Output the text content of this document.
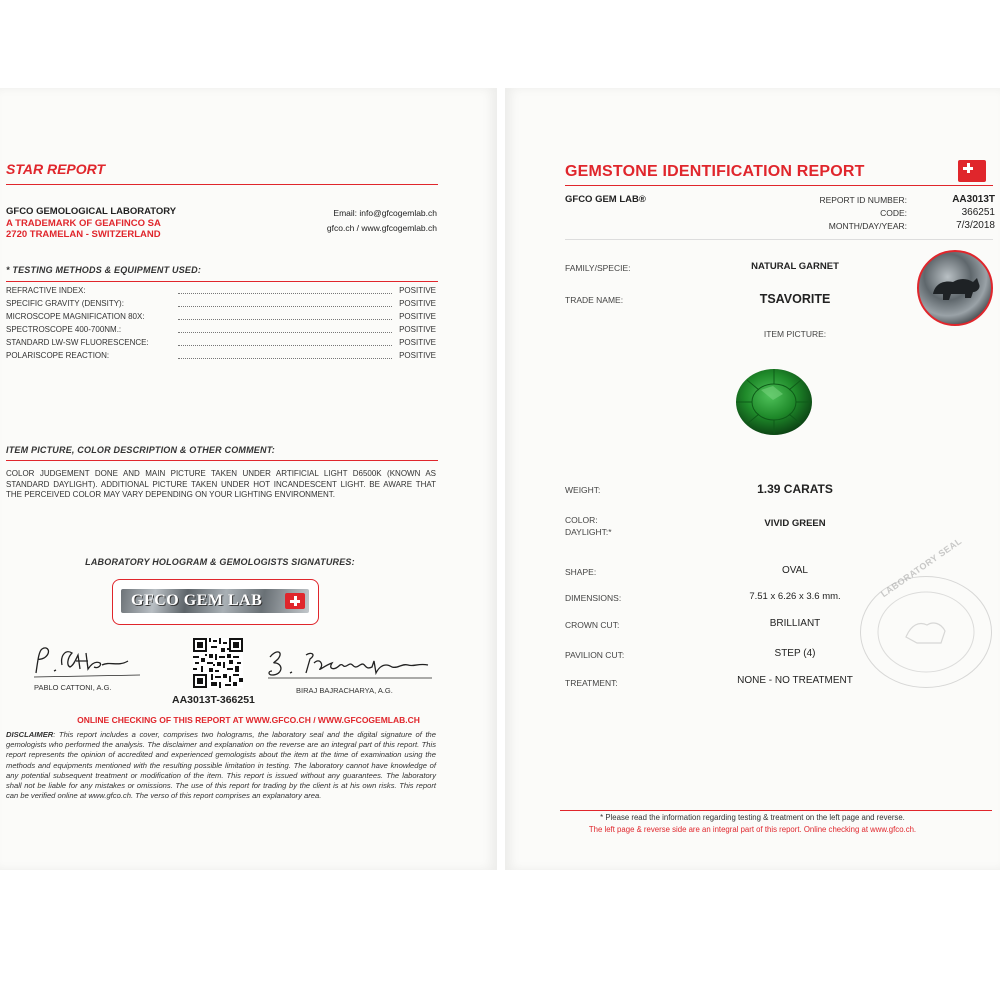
STAR REPORT
GFCO GEMOLOGICAL LABORATORY
A TRADEMARK OF GEAFINCO SA
2720 TRAMELAN - SWITZERLAND
Email: info@gfcogemlab.ch
gfco.ch / www.gfcogemlab.ch
* TESTING METHODS & EQUIPMENT USED:
REFRACTIVE INDEX:	POSITIVE
SPECIFIC GRAVITY (DENSITY):	POSITIVE
MICROSCOPE MAGNIFICATION 80X:	POSITIVE
SPECTROSCOPE 400-700NM.:	POSITIVE
STANDARD LW-SW FLUORESCENCE:	POSITIVE
POLARISCOPE REACTION:	POSITIVE
ITEM PICTURE, COLOR DESCRIPTION & OTHER COMMENT:
COLOR JUDGEMENT DONE AND MAIN PICTURE TAKEN UNDER ARTIFICIAL LIGHT D6500K (KNOWN AS STANDARD DAYLIGHT). ADDITIONAL PICTURE TAKEN UNDER HOT INCANDESCENT LIGHT. BE AWARE THAT THE PERCEIVED COLOR MAY VARY DEPENDING ON YOUR LIGHTING ENVIRONMENT.
LABORATORY HOLOGRAM & GEMOLOGISTS SIGNATURES:
GFCO GEM LAB
PABLO CATTONI, A.G.
AA3013T-366251
BIRAJ BAJRACHARYA, A.G.
ONLINE CHECKING OF THIS REPORT AT WWW.GFCO.CH / WWW.GFCOGEMLAB.CH
DISCLAIMER: This report includes a cover, comprises two holograms, the laboratory seal and the digital signature of the gemologists who performed the analysis. The disclaimer and explanation on the reverse are an integral part of this report. This report represents the opinion of accredited and experienced gemologists about the item at the time of examination using the methods and equipments mentioned with the resulting possible limitation in testing. The laboratory cannot have knowledge of any potential subsequent treatment or modification of the item. This report is issued without any guarantees. The laboratory shall not be liable for any mistakes or omissions. The use of this report for trading by the client is at his own risks. This report can be verified online at www.gfco.ch. The verso of this report comprises an explanatory area.
GEMSTONE IDENTIFICATION REPORT
GFCO GEM LAB®	REPORT ID NUMBER:	AA3013T
CODE:	366251
MONTH/DAY/YEAR:	7/3/2018
FAMILY/SPECIE:	NATURAL GARNET
TRADE NAME:	TSAVORITE
ITEM PICTURE:
WEIGHT:	1.39 CARATS
COLOR:
DAYLIGHT:*
VIVID GREEN
SHAPE:	OVAL
DIMENSIONS:	7.51 x 6.26 x 3.6 mm.
CROWN CUT:	BRILLIANT
PAVILION CUT:	STEP (4)
TREATMENT:	NONE - NO TREATMENT
LABORATORY SEAL
* Please read the information regarding testing & treatment on the left page and reverse.
The left page & reverse side are an integral part of this report. Online checking at www.gfco.ch.
